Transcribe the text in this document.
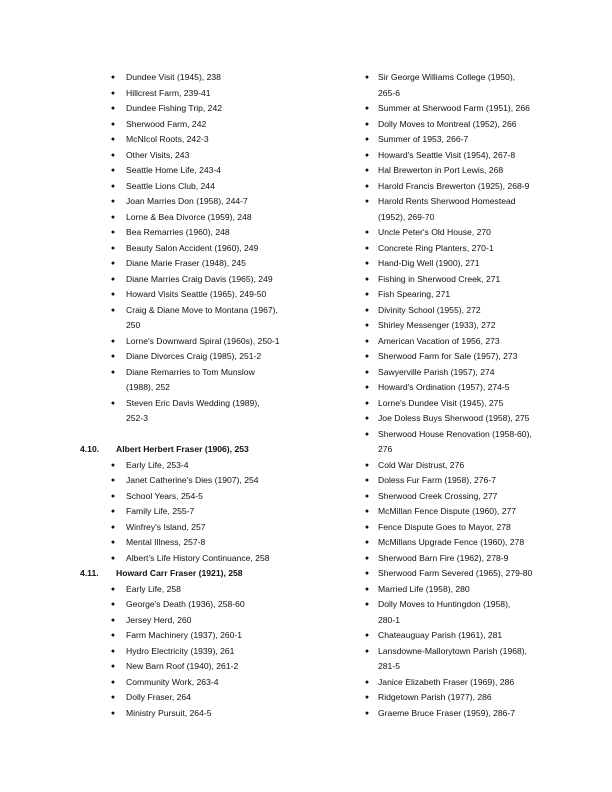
● Dundee Visit (1945), 238
● Hillcrest Farm, 239-41
● Dundee Fishing Trip, 242
● Sherwood Farm, 242
● McNIcol Roots, 242-3
● Other Visits, 243
● Seattle Home Life, 243-4
● Seattle Lions Club, 244
● Joan Marries Don (1958), 244-7
● Lorne & Bea Divorce (1959), 248
● Bea Remarries (1960), 248
● Beauty Salon Accident (1960), 249
● Diane Marie Fraser (1948), 245
● Diane Marries Craig Davis (1965), 249
● Howard Visits Seattle (1965), 249-50
● Craig & Diane Move to Montana (1967),
250
● Lorne's Downward Spiral (1960s), 250-1
● Diane Divorces Craig (1985), 251-2
● Diane Remarries to Tom Munslow
(1988), 252
● Steven Eric Davis Wedding (1989),
252-3
4.10. Albert Herbert Fraser (1906), 253
● Early Life, 253-4
● Janet Catherine's Dies (1907), 254
● School Years, 254-5
● Family Life, 255-7
● Winfrey's Island, 257
● Mental Illness, 257-8
● Albert's Life History Continuance, 258
4.11. Howard Carr Fraser (1921), 258
● Early Life, 258
● George's Death (1936), 258-60
● Jersey Herd, 260
● Farm Machinery (1937), 260-1
● Hydro Electricity (1939), 261
● New Barn Roof (1940), 261-2
● Community Work, 263-4
● Dolly Fraser, 264
● Ministry Pursuit, 264-5
● Sir George Williams College (1950),
265-6
● Summer at Sherwood Farm (1951), 266
● Dolly Moves to Montreal (1952), 266
● Summer of 1953, 266-7
● Howard's Seattle Visit (1954), 267-8
● Hal Brewerton in Port Lewis, 268
● Harold Francis Brewerton (1925), 268-9
● Harold Rents Sherwood Homestead
(1952), 269-70
● Uncle Peter's Old House, 270
● Concrete Ring Planters, 270-1
● Hand-Dig Well (1900), 271
● Fishing in Sherwood Creek, 271
● Fish Spearing, 271
● Divinity School (1955), 272
● Shirley Messenger (1933), 272
● American Vacation of 1956, 273
● Sherwood Farm for Sale (1957), 273
● Sawyerville Parish (1957), 274
● Howard's Ordination (1957), 274-5
● Lorne's Dundee Visit (1945), 275
● Joe Doless Buys Sherwood (1958), 275
● Sherwood House Renovation (1958-60),
276
● Cold War Distrust, 276
● Doless Fur Farm (1958), 276-7
● Sherwood Creek Crossing, 277
● McMillan Fence Dispute (1960), 277
● Fence Dispute Goes to Mayor, 278
● McMillans Upgrade Fence (1960), 278
● Sherwood Barn Fire (1962), 278-9
● Sherwood Farm Severed (1965), 279-80
● Married Life (1958), 280
● Dolly Moves to Huntingdon (1958),
280-1
● Chateauguay Parish (1961), 281
● Lansdowne-Mallorytown Parish (1968),
281-5
● Janice Elizabeth Fraser (1969), 286
● Ridgetown Parish (1977), 286
● Graeme Bruce Fraser (1959), 286-7
